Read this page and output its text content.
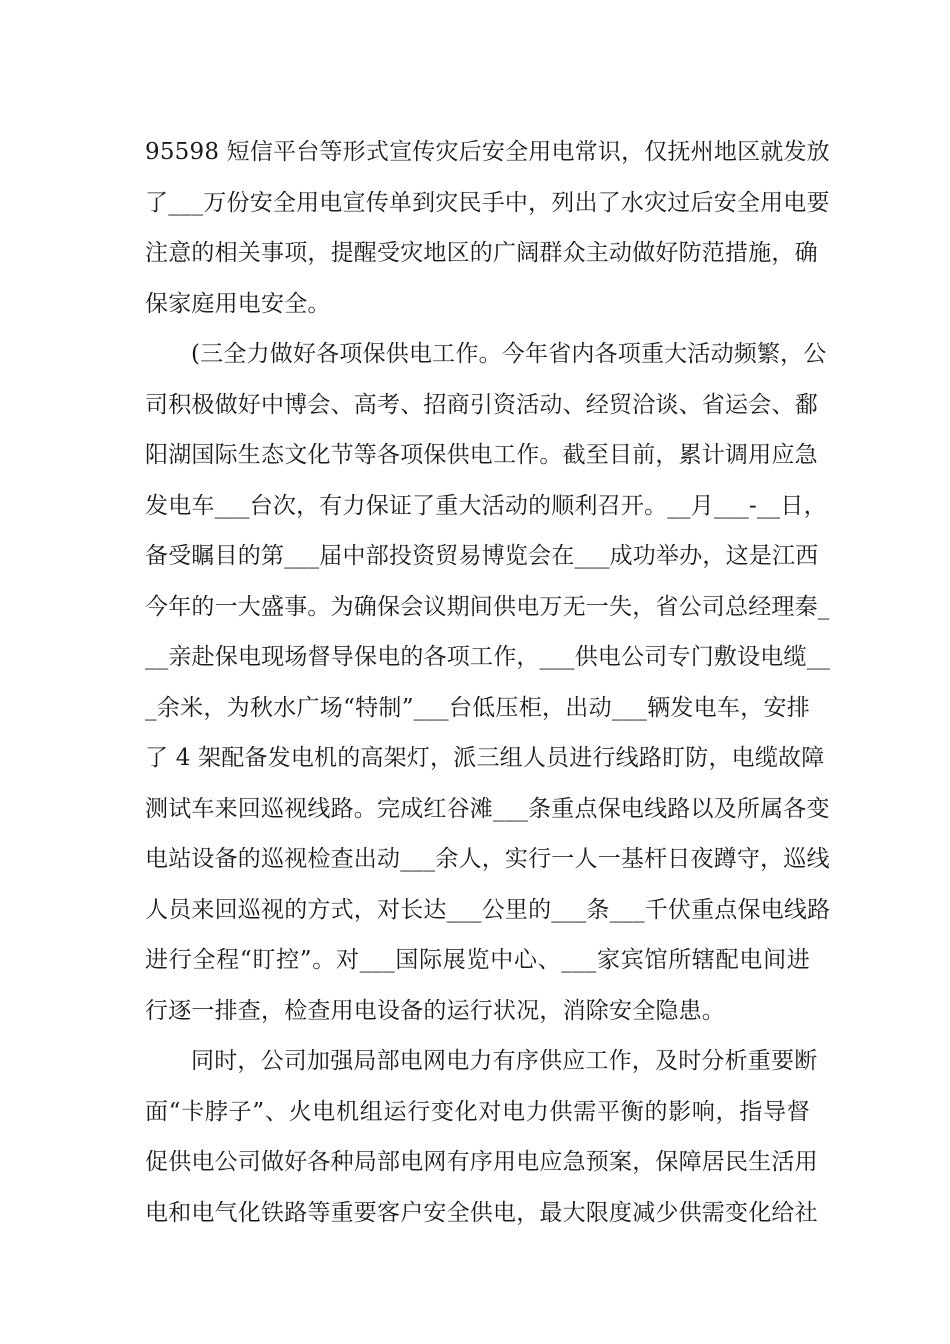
95598 短信平台等形式宣传灾后安全用电常识，仅抚州地区就发放
了___万份安全用电宣传单到灾民手中，列出了水灾过后安全用电要
注意的相关事项，提醒受灾地区的广阔群众主动做好防范措施，确
保家庭用电安全。
(三全力做好各项保供电工作。今年省内各项重大活动频繁，公
司积极做好中博会、高考、招商引资活动、经贸洽谈、省运会、鄱
阳湖国际生态文化节等各项保供电工作。截至目前，累计调用应急
发电车___台次，有力保证了重大活动的顺利召开。__月___-__日，
备受瞩目的第___届中部投资贸易博览会在___成功举办，这是江西
今年的一大盛事。为确保会议期间供电万无一失，省公司总经理秦_
__亲赴保电现场督导保电的各项工作，___供电公司专门敷设电缆__
_余米，为秋水广场“特制”___台低压柜，出动___辆发电车，安排
了 4 架配备发电机的高架灯，派三组人员进行线路盯防，电缆故障
测试车来回巡视线路。完成红谷滩___条重点保电线路以及所属各变
电站设备的巡视检查出动___余人，实行一人一基杆日夜蹲守，巡线
人员来回巡视的方式，对长达___公里的___条___千伏重点保电线路
进行全程“盯控”。对___国际展览中心、___家宾馆所辖配电间进
行逐一排查，检查用电设备的运行状况，消除安全隐患。
同时，公司加强局部电网电力有序供应工作，及时分析重要断
面“卡脖子”、火电机组运行变化对电力供需平衡的影响，指导督
促供电公司做好各种局部电网有序用电应急预案，保障居民生活用
电和电气化铁路等重要客户安全供电，最大限度减少供需变化给社
